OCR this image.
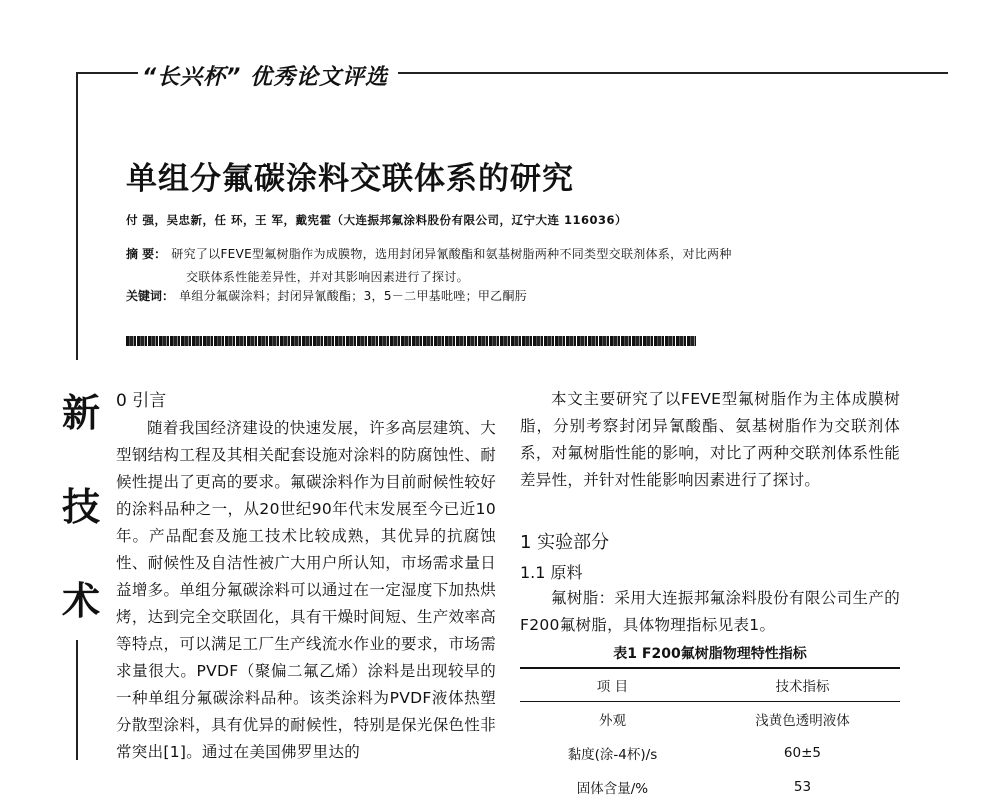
“长兴杯” 优秀论文评选
单组分氟碳涂料交联体系的研究
付 强，吴忠新，任 环，王 军，戴宪霍（大连振邦氟涂料股份有限公司，辽宁大连 116036）
摘 要： 研究了以FEVE型氟树脂作为成膜物，选用封闭异氰酸酯和氨基树脂两种不同类型交联剂体系，对比两种
交联体系性能差异性，并对其影响因素进行了探讨。
关键词： 单组分氟碳涂料；封闭异氰酸酯；3，5－二甲基吡唑；甲乙酮肟
新
技
术
0 引言
随着我国经济建设的快速发展，许多高层建筑、大型钢结构工程及其相关配套设施对涂料的防腐蚀性、耐候性提出了更高的要求。氟碳涂料作为目前耐候性较好的涂料品种之一，从20世纪90年代末发展至今已近10年。产品配套及施工技术比较成熟，其优异的抗腐蚀性、耐候性及自洁性被广大用户所认知，市场需求量日益增多。单组分氟碳涂料可以通过在一定湿度下加热烘烤，达到完全交联固化，具有干燥时间短、生产效率高等特点，可以满足工厂生产线流水作业的要求，市场需求量很大。PVDF（聚偏二氟乙烯）涂料是出现较早的一种单组分氟碳涂料品种。该类涂料为PVDF液体热塑分散型涂料，具有优异的耐候性，特别是保光保色性非常突出[1]。通过在美国佛罗里达的
本文主要研究了以FEVE型氟树脂作为主体成膜树脂，分别考察封闭异氰酸酯、氨基树脂作为交联剂体系，对氟树脂性能的影响，对比了两种交联剂体系性能差异性，并针对性能影响因素进行了探讨。
1 实验部分
1.1 原料
氟树脂：采用大连振邦氟涂料股份有限公司生产的F200氟树脂，具体物理指标见表1。
表1 F200氟树脂物理特性指标
项 目	技术指标
外观	浅黄色透明液体
黏度(涂-4杯)/s	60±5
固体含量/%	53
